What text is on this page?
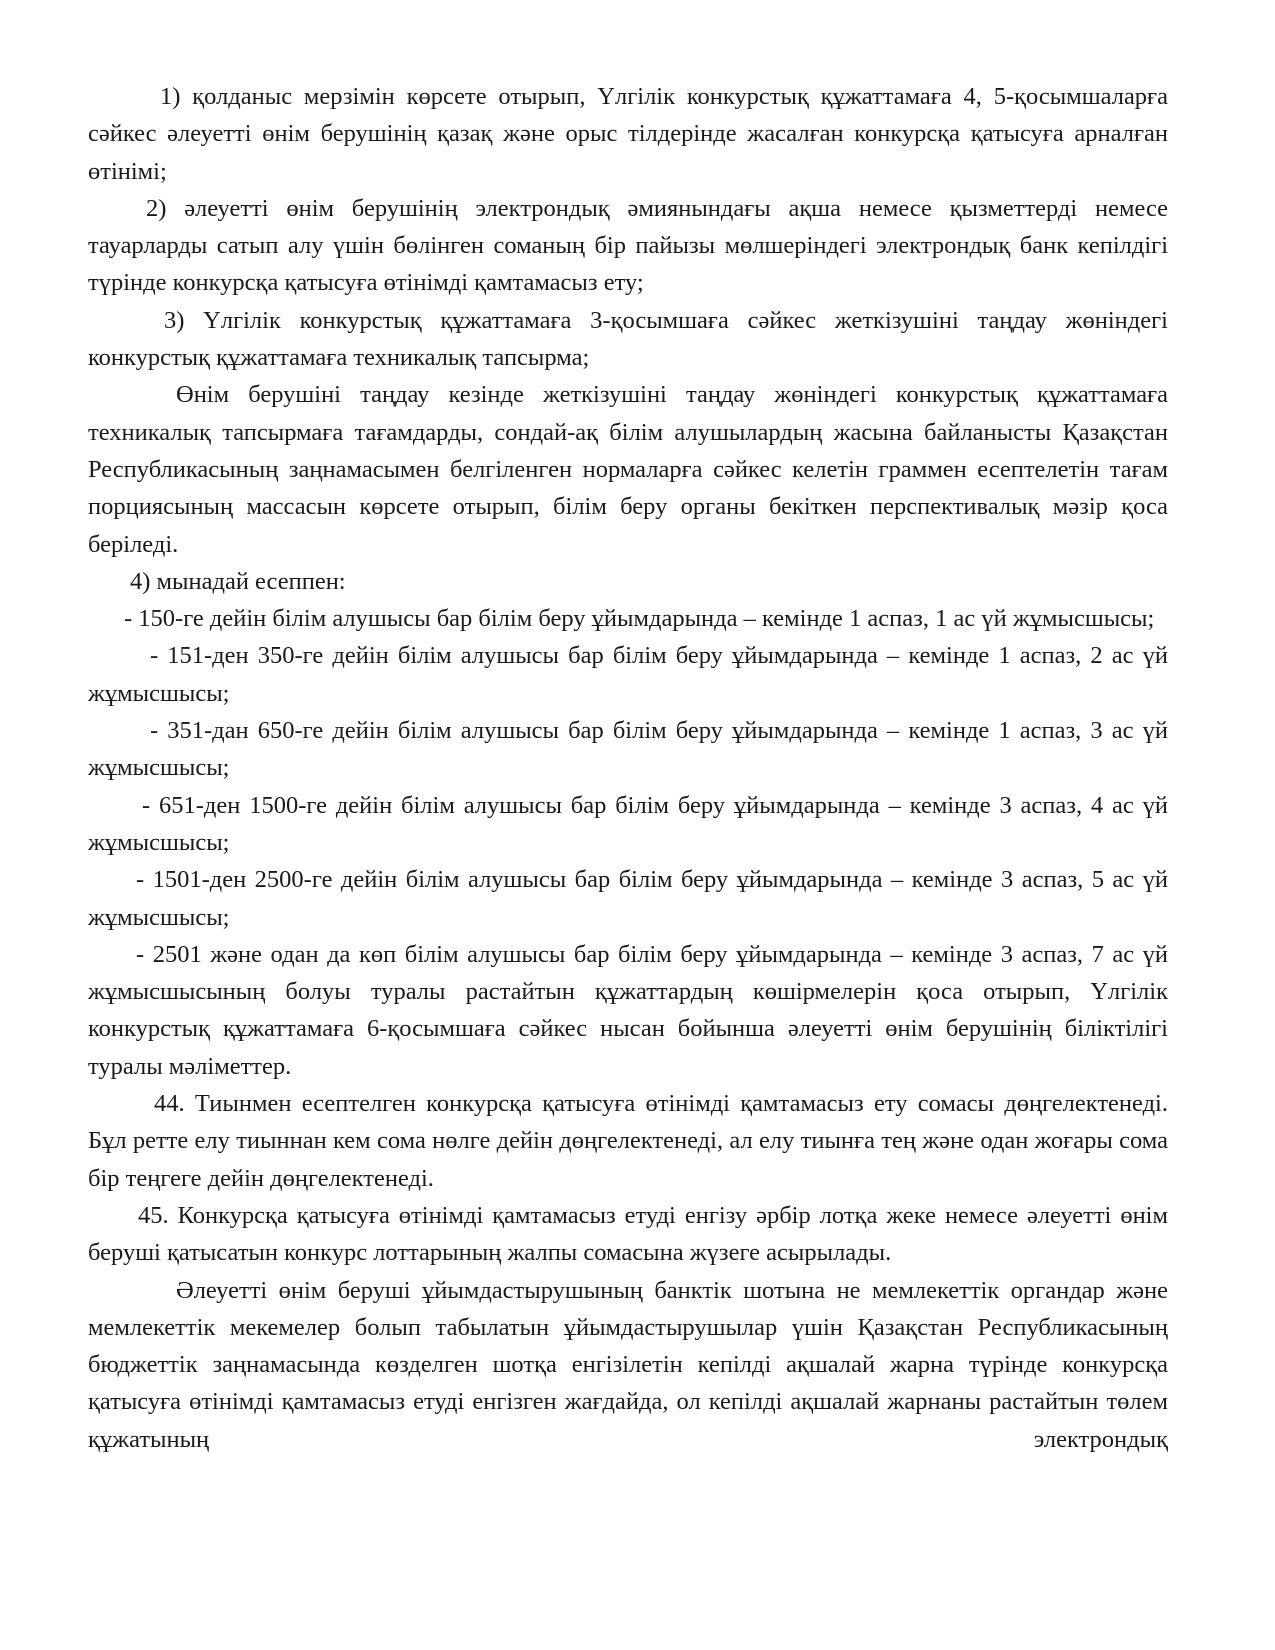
1) қолданыс мерзімін көрсете отырып, Үлгілік конкурстық құжаттамаға 4, 5-қосымшаларға сәйкес әлеуетті өнім берушінің қазақ және орыс тілдерінде жасалған конкурсқа қатысуға арналған өтінімі;

2) әлеуетті өнім берушінің электрондық әмиянындағы ақша немесе қызметтерді немесе тауарларды сатып алу үшін бөлінген соманың бір пайызы мөлшеріндегі электрондық банк кепілдігі түрінде конкурсқа қатысуға өтінімді қамтамасыз ету;

3) Үлгілік конкурстық құжаттамаға 3-қосымшаға сәйкес жеткізушіні таңдау жөніндегі конкурстық құжаттамаға техникалық тапсырма;

Өнім берушіні таңдау кезінде жеткізушіні таңдау жөніндегі конкурстық құжаттамаға техникалық тапсырмаға тағамдарды, сондай-ақ білім алушылардың жасына байланысты Қазақстан Республикасының заңнамасымен белгіленген нормаларға сәйкес келетін граммен есептелетін тағам порциясының массасын көрсете отырып, білім беру органы бекіткен перспективалық мәзір қоса беріледі.

4) мынадай есеппен:

- 150-ге дейін білім алушысы бар білім беру ұйымдарында – кемінде 1 аспаз, 1 ас үй жұмысшысы;

- 151-ден 350-ге дейін білім алушысы бар білім беру ұйымдарында – кемінде 1 аспаз, 2 ас үй жұмысшысы;

- 351-дан 650-ге дейін білім алушысы бар білім беру ұйымдарында – кемінде 1 аспаз, 3 ас үй жұмысшысы;

- 651-ден 1500-ге дейін білім алушысы бар білім беру ұйымдарында – кемінде 3 аспаз, 4 ас үй жұмысшысы;

- 1501-ден 2500-ге дейін білім алушысы бар білім беру ұйымдарында – кемінде 3 аспаз, 5 ас үй жұмысшысы;

- 2501 және одан да көп білім алушысы бар білім беру ұйымдарында – кемінде 3 аспаз, 7 ас үй жұмысшысының болуы туралы растайтын құжаттардың көшірмелерін қоса отырып, Үлгілік конкурстық құжаттамаға 6-қосымшаға сәйкес нысан бойынша әлеуетті өнім берушінің біліктілігі туралы мәліметтер.

44. Тиынмен есептелген конкурсқа қатысуға өтінімді қамтамасыз ету сомасы дөңгелектенеді. Бұл ретте елу тиыннан кем сома нөлге дейін дөңгелектенеді, ал елу тиынға тең және одан жоғары сома бір теңгеге дейін дөңгелектенеді.

45. Конкурсқа қатысуға өтінімді қамтамасыз етуді енгізу әрбір лотқа жеке немесе әлеуетті өнім беруші қатысатын конкурс лоттарының жалпы сомасына жүзеге асырылады.

Әлеуетті өнім беруші ұйымдастырушының банктік шотына не мемлекеттік органдар және мемлекеттік мекемелер болып табылатын ұйымдастырушылар үшін Қазақстан Республикасының бюджеттік заңнамасында көзделген шотқа енгізілетін кепілді ақшалай жарна түрінде конкурсқа қатысуға өтінімді қамтамасыз етуді енгізген жағдайда, ол кепілді ақшалай жарнаны растайтын төлем құжатының электрондық
